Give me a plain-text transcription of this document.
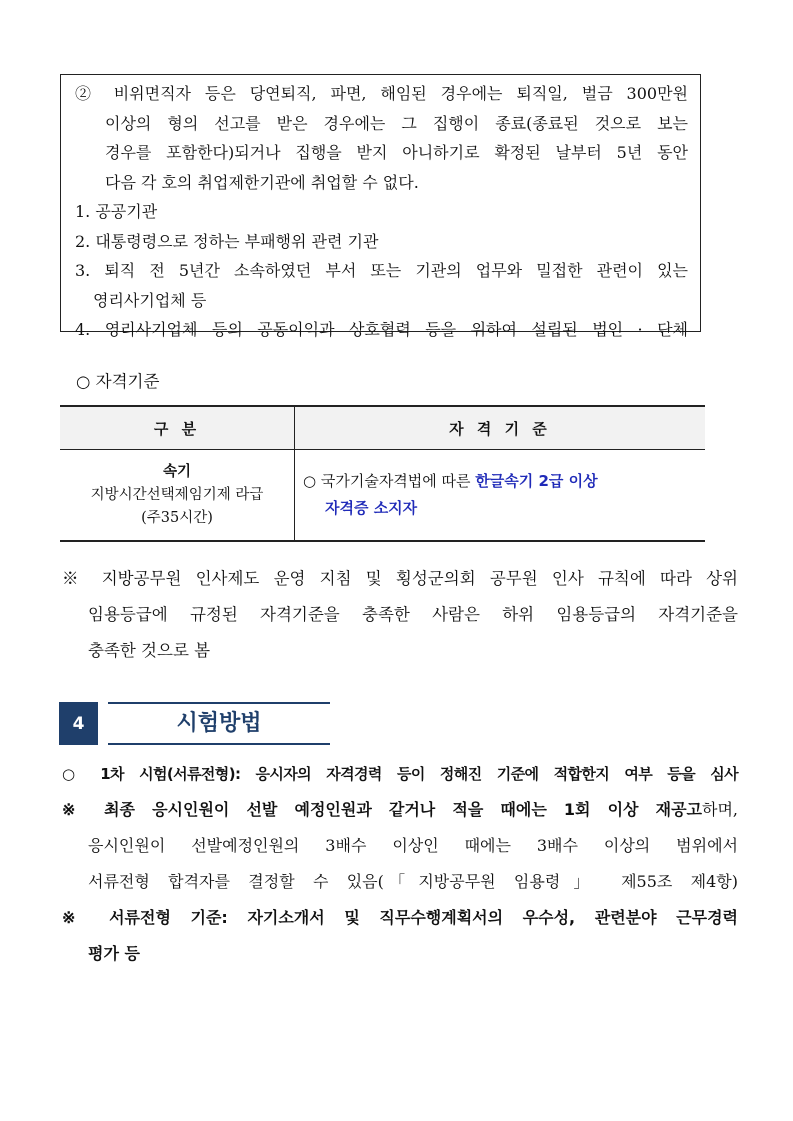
② 비위면직자 등은 당연퇴직, 파면, 해임된 경우에는 퇴직일, 벌금 300만원

이상의 형의 선고를 받은 경우에는 그 집행이 종료(종료된 것으로 보는

경우를 포함한다)되거나 집행을 받지 아니하기로 확정된 날부터 5년 동안

다음 각 호의 취업제한기관에 취업할 수 없다.

1. 공공기관

2. 대통령령으로 정하는 부패행위 관련 기관

3. 퇴직 전 5년간 소속하였던 부서 또는 기관의 업무와 밀접한 관련이 있는

영리사기업체 등

4. 영리사기업체 등의 공동이익과 상호협력 등을 위하여 설립된 법인 · 단체

○ 자격기준
구 분	자 격 기 준
속기
지방시간선택제임기제 라급
(주35시간)	○ 국가기술자격법에 따른 한글속기 2급 이상
자격증 소지자

※ 지방공무원 인사제도 운영 지침 및 횡성군의회 공무원 인사 규칙에 따라 상위

임용등급에 규정된 자격기준을 충족한 사람은 하위 임용등급의 자격기준을

충족한 것으로 봄

4	시험방법

○ 1차 시험(서류전형): 응시자의 자격경력 등이 정해진 기준에 적합한지 여부 등을 심사

※ 최종 응시인원이 선발 예정인원과 같거나 적을 때에는 1회 이상 재공고하며,

응시인원이 선발예정인원의 3배수 이상인 때에는 3배수 이상의 범위에서

서류전형 합격자를 결정할 수 있음(「지방공무원 임용령」 제55조 제4항)

※ 서류전형 기준: 자기소개서 및 직무수행계획서의 우수성, 관련분야 근무경력

평가 등
